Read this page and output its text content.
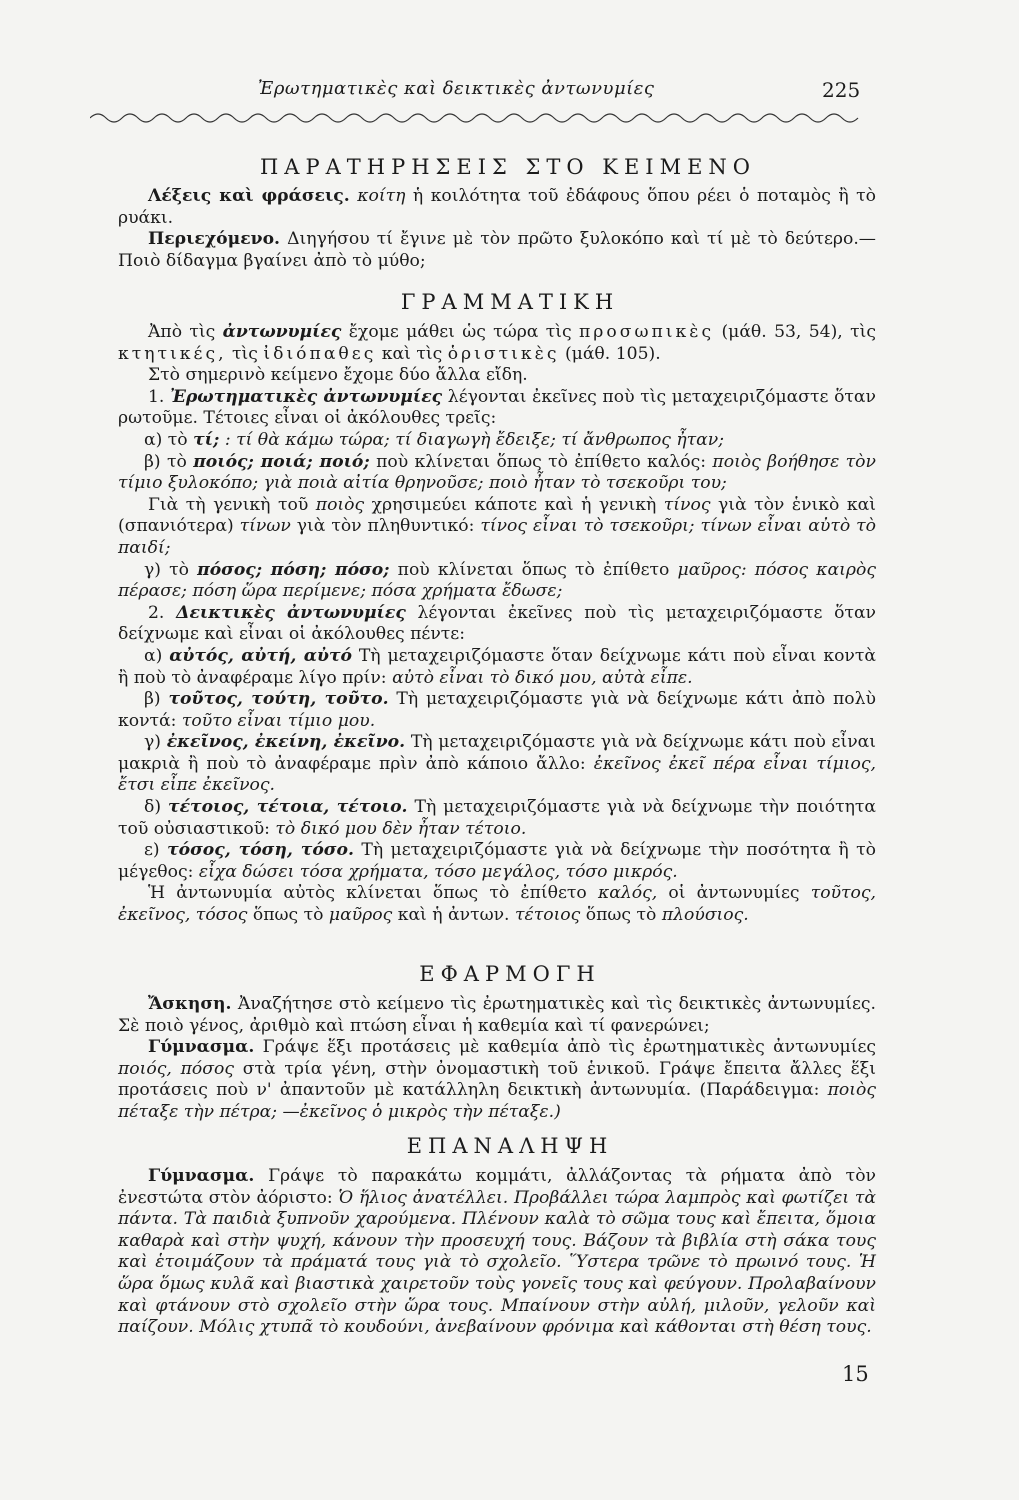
Ἐρωτηματικὲς καὶ δεικτικὲς ἀντωνυμίες	225
ΠΑΡΑΤΗΡΗΣΕΙΣ ΣΤΟ ΚΕΙΜΕΝΟ

Λέξεις καὶ φράσεις. κοίτη ἡ κοιλότητα τοῦ ἐδάφους ὅπου ρέει ὁ ποταμὸς ἢ τὸ ρυάκι.

Περιεχόμενο. Διηγήσου τί ἔγινε μὲ τὸν πρῶτο ξυλοκόπο καὶ τί μὲ τὸ δεύτερο.—Ποιὸ δίδαγμα βγαίνει ἀπὸ τὸ μύθο;

ΓΡΑΜΜΑΤΙΚΗ

Ἀπὸ τὶς ἀντωνυμίες ἔχομε μάθει ὡς τώρα τὶς προσωπικὲς (μάθ. 53, 54), τὶς κτητικές, τὶς ἰδιόπαθες καὶ τὶς ὁριστικὲς (μάθ. 105).

Στὸ σημερινὸ κείμενο ἔχομε δύο ἄλλα εἴδη.

1. Ἐρωτηματικὲς ἀντωνυμίες λέγονται ἐκεῖνες ποὺ τὶς μεταχειριζόμαστε ὅταν ρωτοῦμε. Τέτοιες εἶναι οἱ ἀκόλουθες τρεῖς:

α) τὸ τί; : τί θὰ κάμω τώρα; τί διαγωγὴ ἔδειξε; τί ἄνθρωπος ἦταν;

β) τὸ ποιός; ποιά; ποιό; ποὺ κλίνεται ὅπως τὸ ἐπίθετο καλός: ποιὸς βοήθησε τὸν τίμιο ξυλοκόπο; γιὰ ποιὰ αἰτία θρηνοῦσε; ποιὸ ἦταν τὸ τσεκοῦρι του;

Γιὰ τὴ γενικὴ τοῦ ποιὸς χρησιμεύει κάποτε καὶ ἡ γενικὴ τίνος γιὰ τὸν ἑνικὸ καὶ (σπανιότερα) τίνων γιὰ τὸν πληθυντικό: τίνος εἶναι τὸ τσεκοῦρι; τίνων εἶναι αὐτὸ τὸ παιδί;

γ) τὸ πόσος; πόση; πόσο; ποὺ κλίνεται ὅπως τὸ ἐπίθετο μαῦρος: πόσος καιρὸς πέρασε; πόση ὥρα περίμενε; πόσα χρήματα ἔδωσε;

2. Δεικτικὲς ἀντωνυμίες λέγονται ἐκεῖνες ποὺ τὶς μεταχειριζόμαστε ὅταν δείχνωμε καὶ εἶναι οἱ ἀκόλουθες πέντε:

α) αὐτός, αὐτή, αὐτό Τὴ μεταχειριζόμαστε ὅταν δείχνωμε κάτι ποὺ εἶναι κοντὰ ἢ ποὺ τὸ ἀναφέραμε λίγο πρίν: αὐτὸ εἶναι τὸ δικό μου, αὐτὰ εἶπε.

β) τοῦτος, τούτη, τοῦτο. Τὴ μεταχειριζόμαστε γιὰ νὰ δείχνωμε κάτι ἀπὸ πολὺ κοντά: τοῦτο εἶναι τίμιο μου.

γ) ἐκεῖνος, ἐκείνη, ἐκεῖνο. Τὴ μεταχειριζόμαστε γιὰ νὰ δείχνωμε κάτι ποὺ εἶναι μακριὰ ἢ ποὺ τὸ ἀναφέραμε πρὶν ἀπὸ κάποιο ἄλλο: ἐκεῖνος ἐκεῖ πέρα εἶναι τίμιος, ἔτσι εἶπε ἐκεῖνος.

δ) τέτοιος, τέτοια, τέτοιο. Τὴ μεταχειριζόμαστε γιὰ νὰ δείχνωμε τὴν ποιότητα τοῦ οὐσιαστικοῦ: τὸ δικό μου δὲν ἦταν τέτοιο.

ε) τόσος, τόση, τόσο. Τὴ μεταχειριζόμαστε γιὰ νὰ δείχνωμε τὴν ποσότητα ἢ τὸ μέγεθος: εἶχα δώσει τόσα χρήματα, τόσο μεγάλος, τόσο μικρός.

Ἡ ἀντωνυμία αὐτὸς κλίνεται ὅπως τὸ ἐπίθετο καλός, οἱ ἀντωνυμίες τοῦτος, ἐκεῖνος, τόσος ὅπως τὸ μαῦρος καὶ ἡ ἀντων. τέτοιος ὅπως τὸ πλούσιος.

ΕΦΑΡΜΟΓΗ

Ἄσκηση. Ἀναζήτησε στὸ κείμενο τὶς ἐρωτηματικὲς καὶ τὶς δεικτικὲς ἀντωνυμίες. Σὲ ποιὸ γένος, ἀριθμὸ καὶ πτώση εἶναι ἡ καθεμία καὶ τί φανερώνει;

Γύμνασμα. Γράψε ἕξι προτάσεις μὲ καθεμία ἀπὸ τὶς ἐρωτηματικὲς ἀντωνυμίες ποιός, πόσος στὰ τρία γένη, στὴν ὀνομαστικὴ τοῦ ἑνικοῦ. Γράψε ἔπειτα ἄλλες ἕξι προτάσεις ποὺ ν' ἀπαντοῦν μὲ κατάλληλη δεικτικὴ ἀντωνυμία. (Παράδειγμα: ποιὸς πέταξε τὴν πέτρα; —ἐκεῖνος ὁ μικρὸς τὴν πέταξε.)

ΕΠΑΝΑΛΗΨΗ

Γύμνασμα. Γράψε τὸ παρακάτω κομμάτι, ἀλλάζοντας τὰ ρήματα ἀπὸ τὸν ἐνεστώτα στὸν ἀόριστο: Ὁ ἥλιος ἀνατέλλει. Προβάλλει τώρα λαμπρὸς καὶ φωτίζει τὰ πάντα. Τὰ παιδιὰ ξυπνοῦν χαρούμενα. Πλένουν καλὰ τὸ σῶμα τους καὶ ἔπειτα, ὅμοια καθαρὰ καὶ στὴν ψυχή, κάνουν τὴν προσευχή τους. Βάζουν τὰ βιβλία στὴ σάκα τους καὶ ἑτοιμάζουν τὰ πράματά τους γιὰ τὸ σχολεῖο. Ὕστερα τρῶνε τὸ πρωινό τους. Ἡ ὥρα ὅμως κυλᾶ καὶ βιαστικὰ χαιρετοῦν τοὺς γονεῖς τους καὶ φεύγουν. Προλαβαίνουν καὶ φτάνουν στὸ σχολεῖο στὴν ὥρα τους. Μπαίνουν στὴν αὐλή, μιλοῦν, γελοῦν καὶ παίζουν. Μόλις χτυπᾶ τὸ κουδούνι, ἀνεβαίνουν φρόνιμα καὶ κάθονται στὴ θέση τους.

15
